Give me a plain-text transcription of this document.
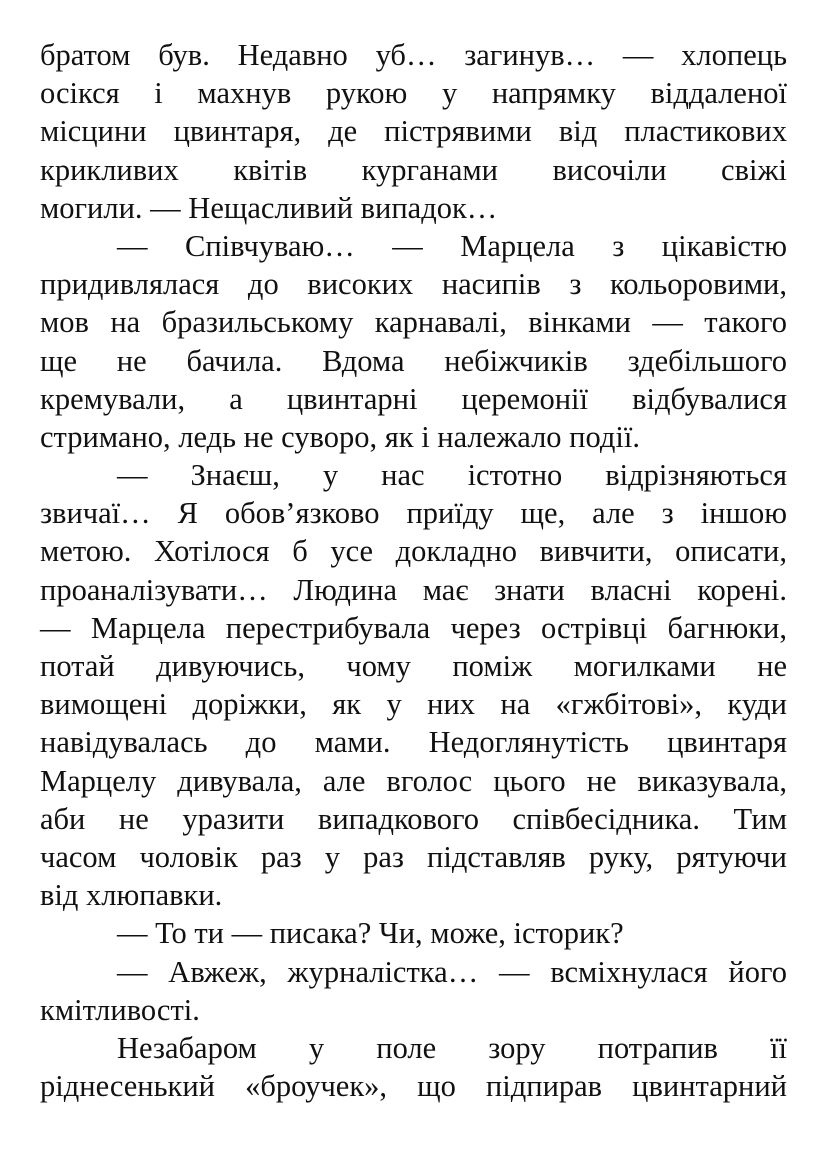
братом був. Недавно уб… загинув… — хлопець
осікся і махнув рукою у напрямку віддаленої
місцини цвинтаря, де пістрявими від пластикових
крикливих квітів курганами височіли свіжі
могили. — Нещасливий випадок…
— Співчуваю… — Марцела з цікавістю
придивлялася до високих насипів з кольоровими,
мов на бразильському карнавалі, вінками — такого
ще не бачила. Вдома небіжчиків здебільшого
кремували, а цвинтарні церемонії відбувалися
стримано, ледь не суворо, як і належало події.
— Знаєш, у нас істотно відрізняються
звичаї… Я обов’язково приїду ще, але з іншою
метою. Хотілося б усе докладно вивчити, описати,
проаналізувати… Людина має знати власні корені.
— Марцела перестрибувала через острівці багнюки,
потай дивуючись, чому поміж могилками не
вимощені доріжки, як у них на «гжбітові», куди
навідувалась до мами. Недоглянутість цвинтаря
Марцелу дивувала, але вголос цього не виказувала,
аби не уразити випадкового співбесідника. Тим
часом чоловік раз у раз підставляв руку, рятуючи
від хлюпавки.
— То ти — писака? Чи, може, історик?
— Авжеж, журналістка… — всміхнулася його
кмітливості.
Незабаром у поле зору потрапив її
ріднесенький «броучек», що підпирав цвинтарний
